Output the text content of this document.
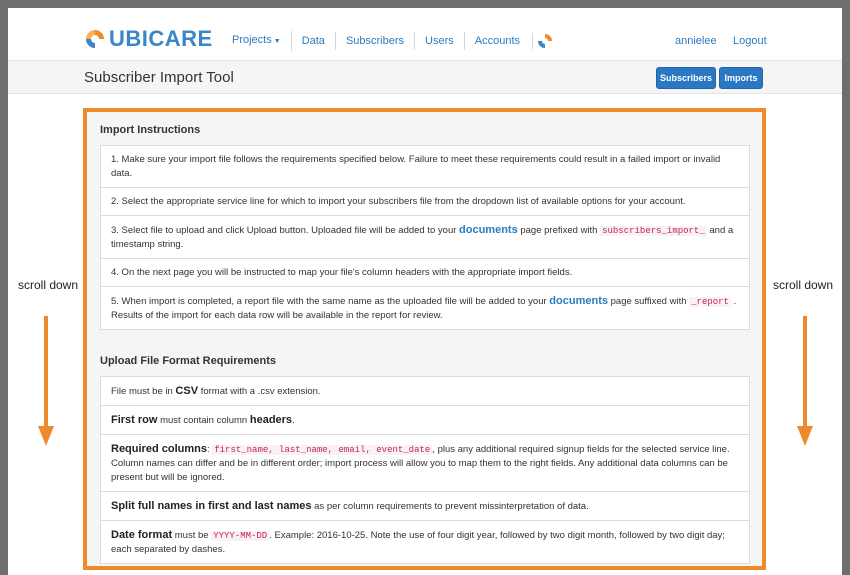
UBICARE	Projects ▼	Data	Subscribers	Users	Accounts	annielee Logout
Subscriber Import Tool	Subscribers	Imports
scroll down	scroll down
Import Instructions
1. Make sure your import file follows the requirements specified below. Failure to meet these requirements could result in a failed import or invalid data.
2. Select the appropriate service line for which to import your subscribers file from the dropdown list of available options for your account.
3. Select file to upload and click Upload button. Uploaded file will be added to your documents page prefixed with subscribers_import_ and a timestamp string.
4. On the next page you will be instructed to map your file's column headers with the appropriate import fields.
5. When import is completed, a report file with the same name as the uploaded file will be added to your documents page suffixed with _report . Results of the import for each data row will be available in the report for review.
Upload File Format Requirements
File must be in CSV format with a .csv extension.
First row must contain column headers.
Required columns: first_name, last_name, email, event_date , plus any additional required signup fields for the selected service line. Column names can differ and be in different order; import process will allow you to map them to the right fields. Any additional data columns can be present but will be ignored.
Split full names in first and last names as per column requirements to prevent missinterpretation of data.
Date format must be YYYY-MM-DD . Example: 2016-10-25. Note the use of four digit year, followed by two digit month, followed by two digit day; each separated by dashes.
